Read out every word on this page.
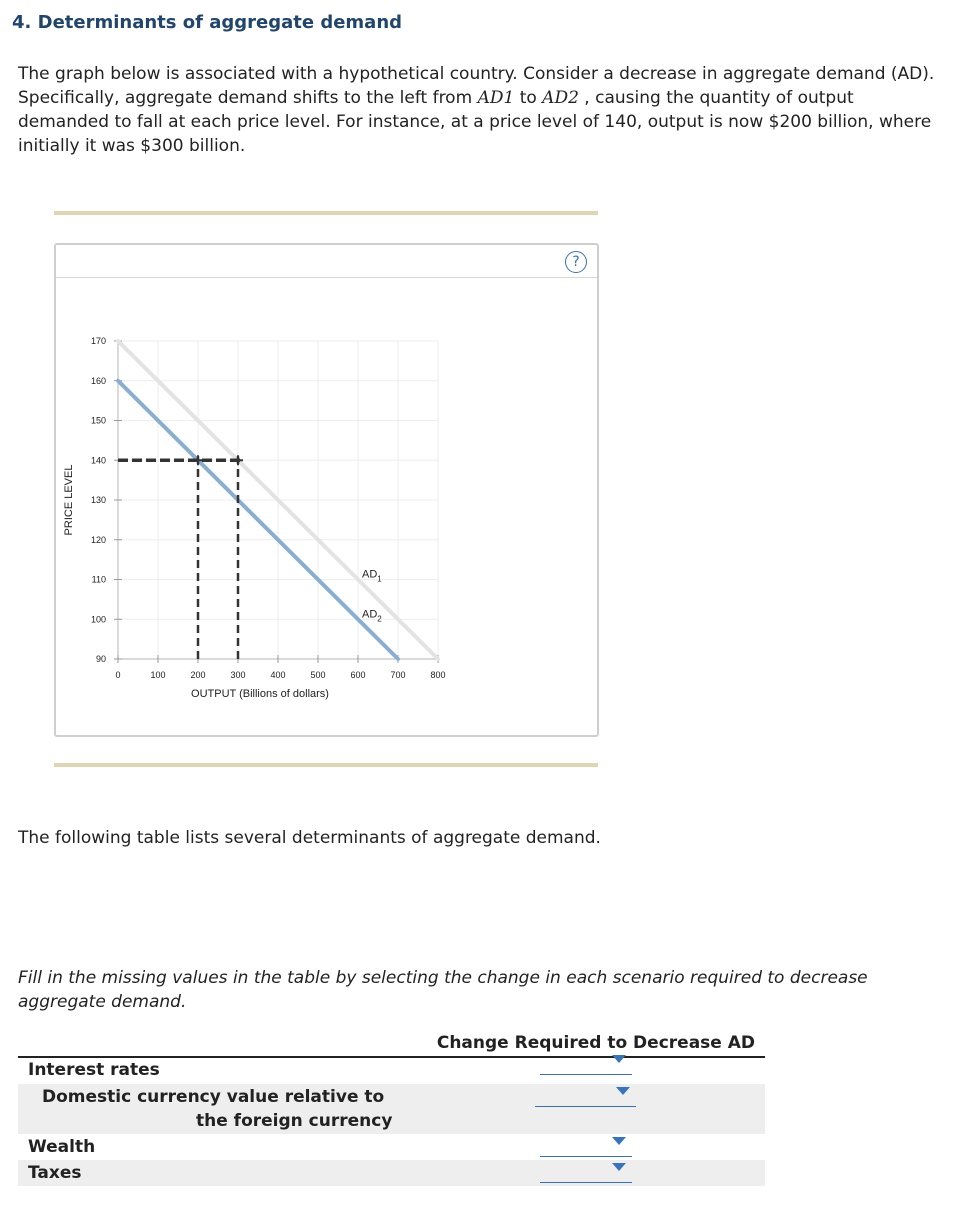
4. Determinants of aggregate demand
The graph below is associated with a hypothetical country. Consider a decrease in aggregate demand (AD). Specifically, aggregate demand shifts to the left from AD1 to AD2 , causing the quantity of output demanded to fall at each price level. For instance, at a price level of 140, output is now $200 billion, where initially it was $300 billion.
?
90
100
110
120
130
140
150
160
170
0	100	200	300	400	500	600	700	800
OUTPUT (Billions of dollars)
PRICE LEVEL
$AD_1$
$AD_2$
The following table lists several determinants of aggregate demand.
Fill in the missing values in the table by selecting the change in each scenario required to decrease aggregate demand.
Change Required to Decrease AD
Interest rates
Domestic currency value relative to
the foreign currency
Wealth
Taxes
